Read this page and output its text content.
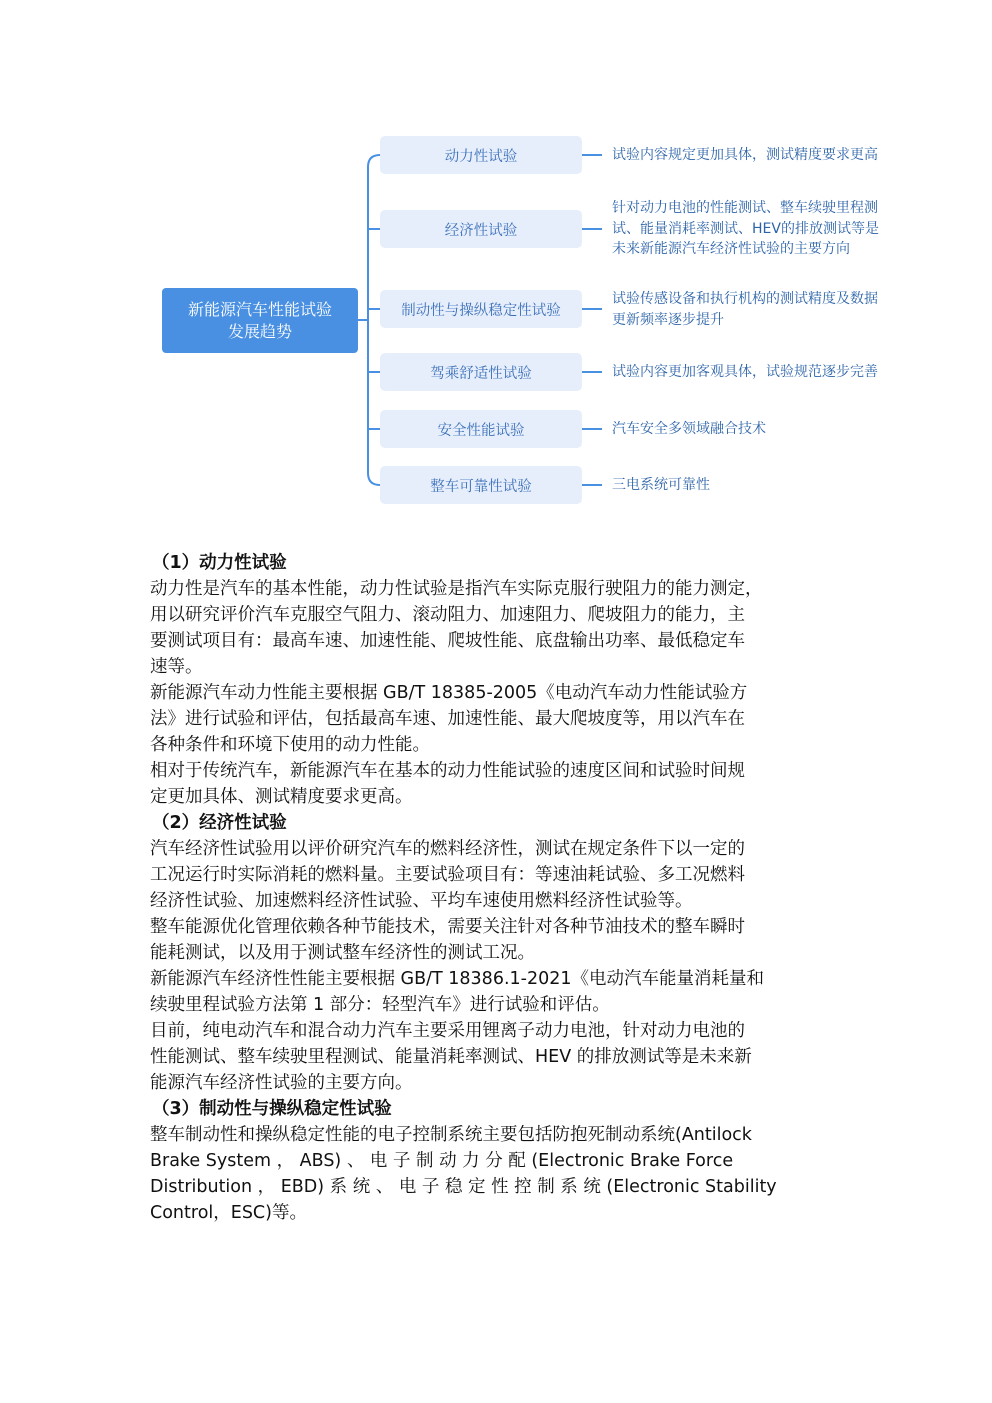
新能源汽车性能试验
发展趋势
动力性试验
经济性试验
制动性与操纵稳定性试验
驾乘舒适性试验
安全性能试验
整车可靠性试验
试验内容规定更加具体，测试精度要求更高
针对动力电池的性能测试、整车续驶里程测
试、能量消耗率测试、HEV的排放测试等是
未来新能源汽车经济性试验的主要方向
试验传感设备和执行机构的测试精度及数据
更新频率逐步提升
试验内容更加客观具体，试验规范逐步完善
汽车安全多领域融合技术
三电系统可靠性

（1）动力性试验

动力性是汽车的基本性能，动力性试验是指汽车实际克服行驶阻力的能力测定，
用以研究评价汽车克服空气阻力、滚动阻力、加速阻力、爬坡阻力的能力，主
要测试项目有：最高车速、加速性能、爬坡性能、底盘输出功率、最低稳定车
速等。

新能源汽车动力性能主要根据 GB/T 18385-2005《电动汽车动力性能试验方
法》进行试验和评估，包括最高车速、加速性能、最大爬坡度等，用以汽车在
各种条件和环境下使用的动力性能。

相对于传统汽车，新能源汽车在基本的动力性能试验的速度区间和试验时间规
定更加具体、测试精度要求更高。

（2）经济性试验

汽车经济性试验用以评价研究汽车的燃料经济性，测试在规定条件下以一定的
工况运行时实际消耗的燃料量。主要试验项目有：等速油耗试验、多工况燃料
经济性试验、加速燃料经济性试验、平均车速使用燃料经济性试验等。

整车能源优化管理依赖各种节能技术，需要关注针对各种节油技术的整车瞬时
能耗测试，以及用于测试整车经济性的测试工况。

新能源汽车经济性性能主要根据 GB/T 18386.1-2021《电动汽车能量消耗量和
续驶里程试验方法第 1 部分：轻型汽车》进行试验和评估。

目前，纯电动汽车和混合动力汽车主要采用锂离子动力电池，针对动力电池的
性能测试、整车续驶里程测试、能量消耗率测试、HEV 的排放测试等是未来新
能源汽车经济性试验的主要方向。

（3）制动性与操纵稳定性试验

整车制动性和操纵稳定性能的电子控制系统主要包括防抱死制动系统(Antilock
Brake System ， ABS) 、 电 子 制 动 力 分 配 (Electronic Brake Force
Distribution ， EBD) 系 统 、 电 子 稳 定 性 控 制 系 统 (Electronic Stability
Control，ESC)等。
